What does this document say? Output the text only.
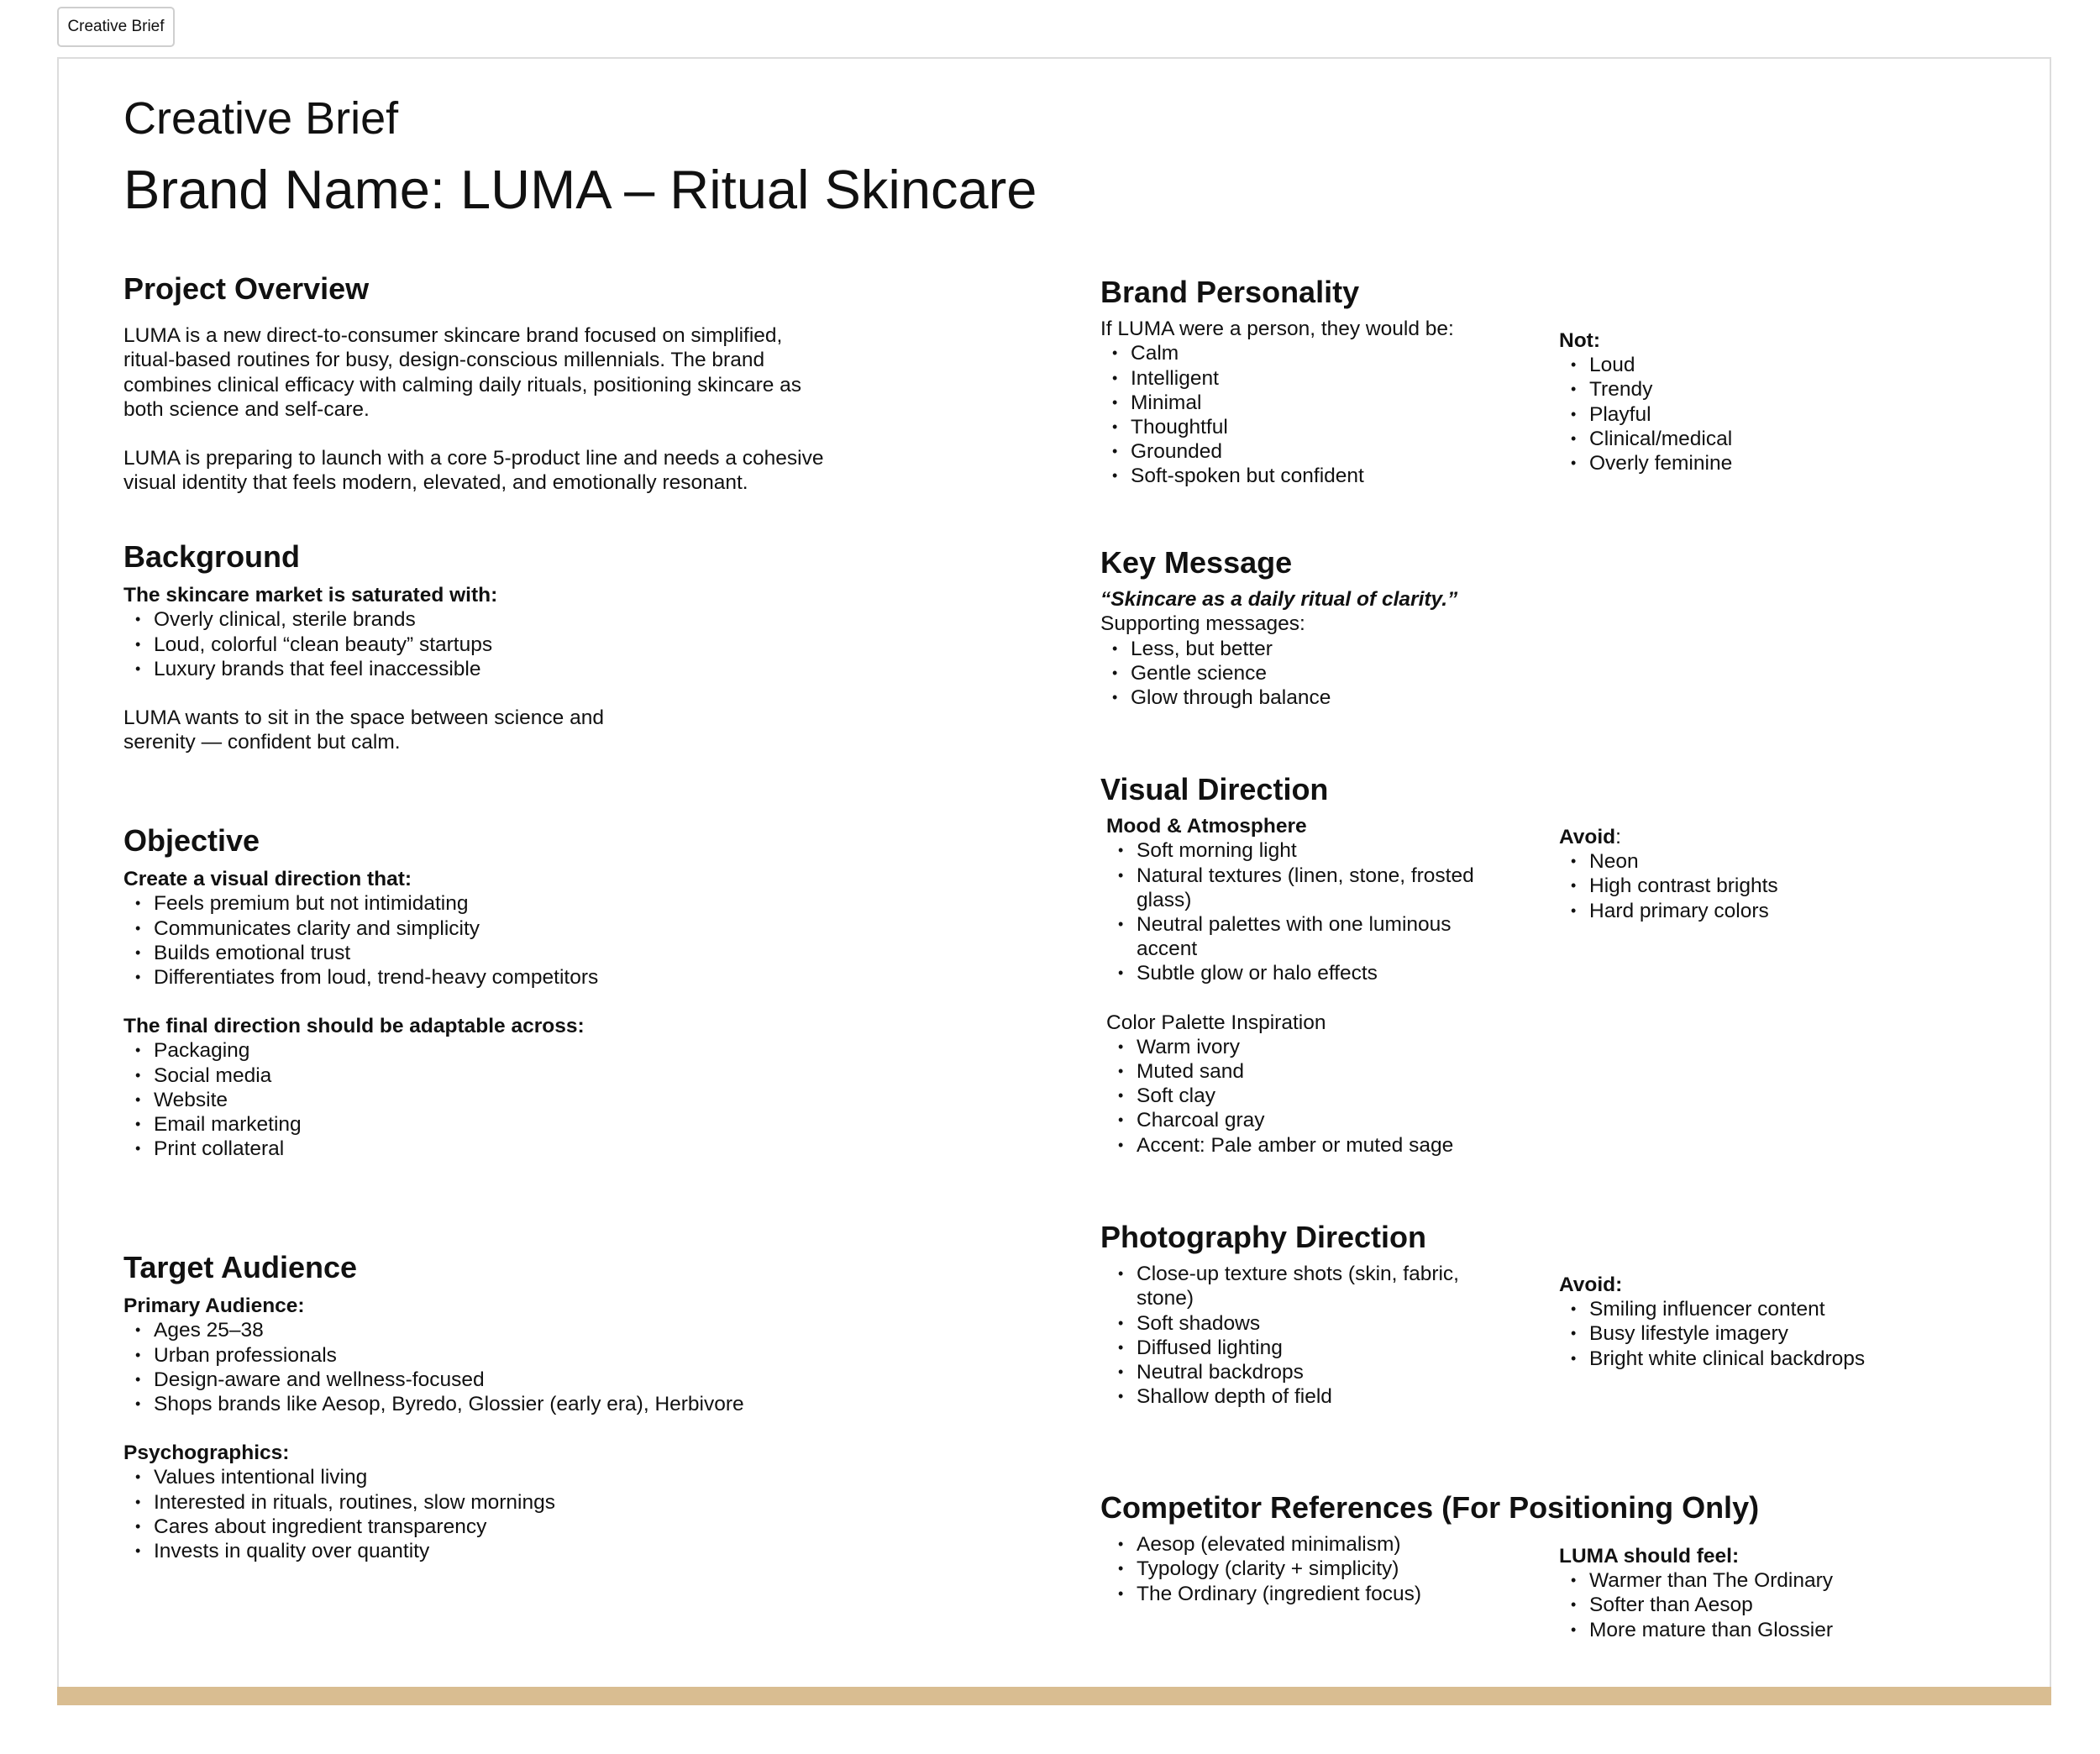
Creative Brief
Creative Brief
Brand Name: LUMA – Ritual Skincare
Project Overview

LUMA is a new direct-to-consumer skincare brand focused on simplified,
ritual-based routines for busy, design-conscious millennials. The brand
combines clinical efficacy with calming daily rituals, positioning skincare as
both science and self-care.

LUMA is preparing to launch with a core 5-product line and needs a cohesive
visual identity that feels modern, elevated, and emotionally resonant.

Background

The skincare market is saturated with:

• Overly clinical, sterile brands
• Loud, colorful “clean beauty” startups
• Luxury brands that feel inaccessible

LUMA wants to sit in the space between science and
serenity — confident but calm.

Objective

Create a visual direction that:

• Feels premium but not intimidating
• Communicates clarity and simplicity
• Builds emotional trust
• Differentiates from loud, trend-heavy competitors

The final direction should be adaptable across:

• Packaging
• Social media
• Website
• Email marketing
• Print collateral
Target Audience

Primary Audience:

• Ages 25–38
• Urban professionals
• Design-aware and wellness-focused
• Shops brands like Aesop, Byredo, Glossier (early era), Herbivore

Psychographics:

• Values intentional living
• Interested in rituals, routines, slow mornings
• Cares about ingredient transparency
• Invests in quality over quantity
Brand Personality

If LUMA were a person, they would be:

• Calm
• Intelligent
• Minimal
• Thoughtful
• Grounded
• Soft-spoken but confident

Not:

• Loud
• Trendy
• Playful
• Clinical/medical
• Overly feminine
Key Message

“Skincare as a daily ritual of clarity.”

Supporting messages:

• Less, but better
• Gentle science
• Glow through balance
Visual Direction

Mood & Atmosphere

• Soft morning light
• Natural textures (linen, stone, frosted
glass)
• Neutral palettes with one luminous
accent
• Subtle glow or halo effects

Color Palette Inspiration

• Warm ivory
• Muted sand
• Soft clay
• Charcoal gray
• Accent: Pale amber or muted sage

Avoid:

• Neon
• High contrast brights
• Hard primary colors
Photography Direction
• Close-up texture shots (skin, fabric,
stone)
• Soft shadows
• Diffused lighting
• Neutral backdrops
• Shallow depth of field

Avoid:

• Smiling influencer content
• Busy lifestyle imagery
• Bright white clinical backdrops
Competitor References (For Positioning Only)
• Aesop (elevated minimalism)
• Typology (clarity + simplicity)
• The Ordinary (ingredient focus)

LUMA should feel:

• Warmer than The Ordinary
• Softer than Aesop
• More mature than Glossier
